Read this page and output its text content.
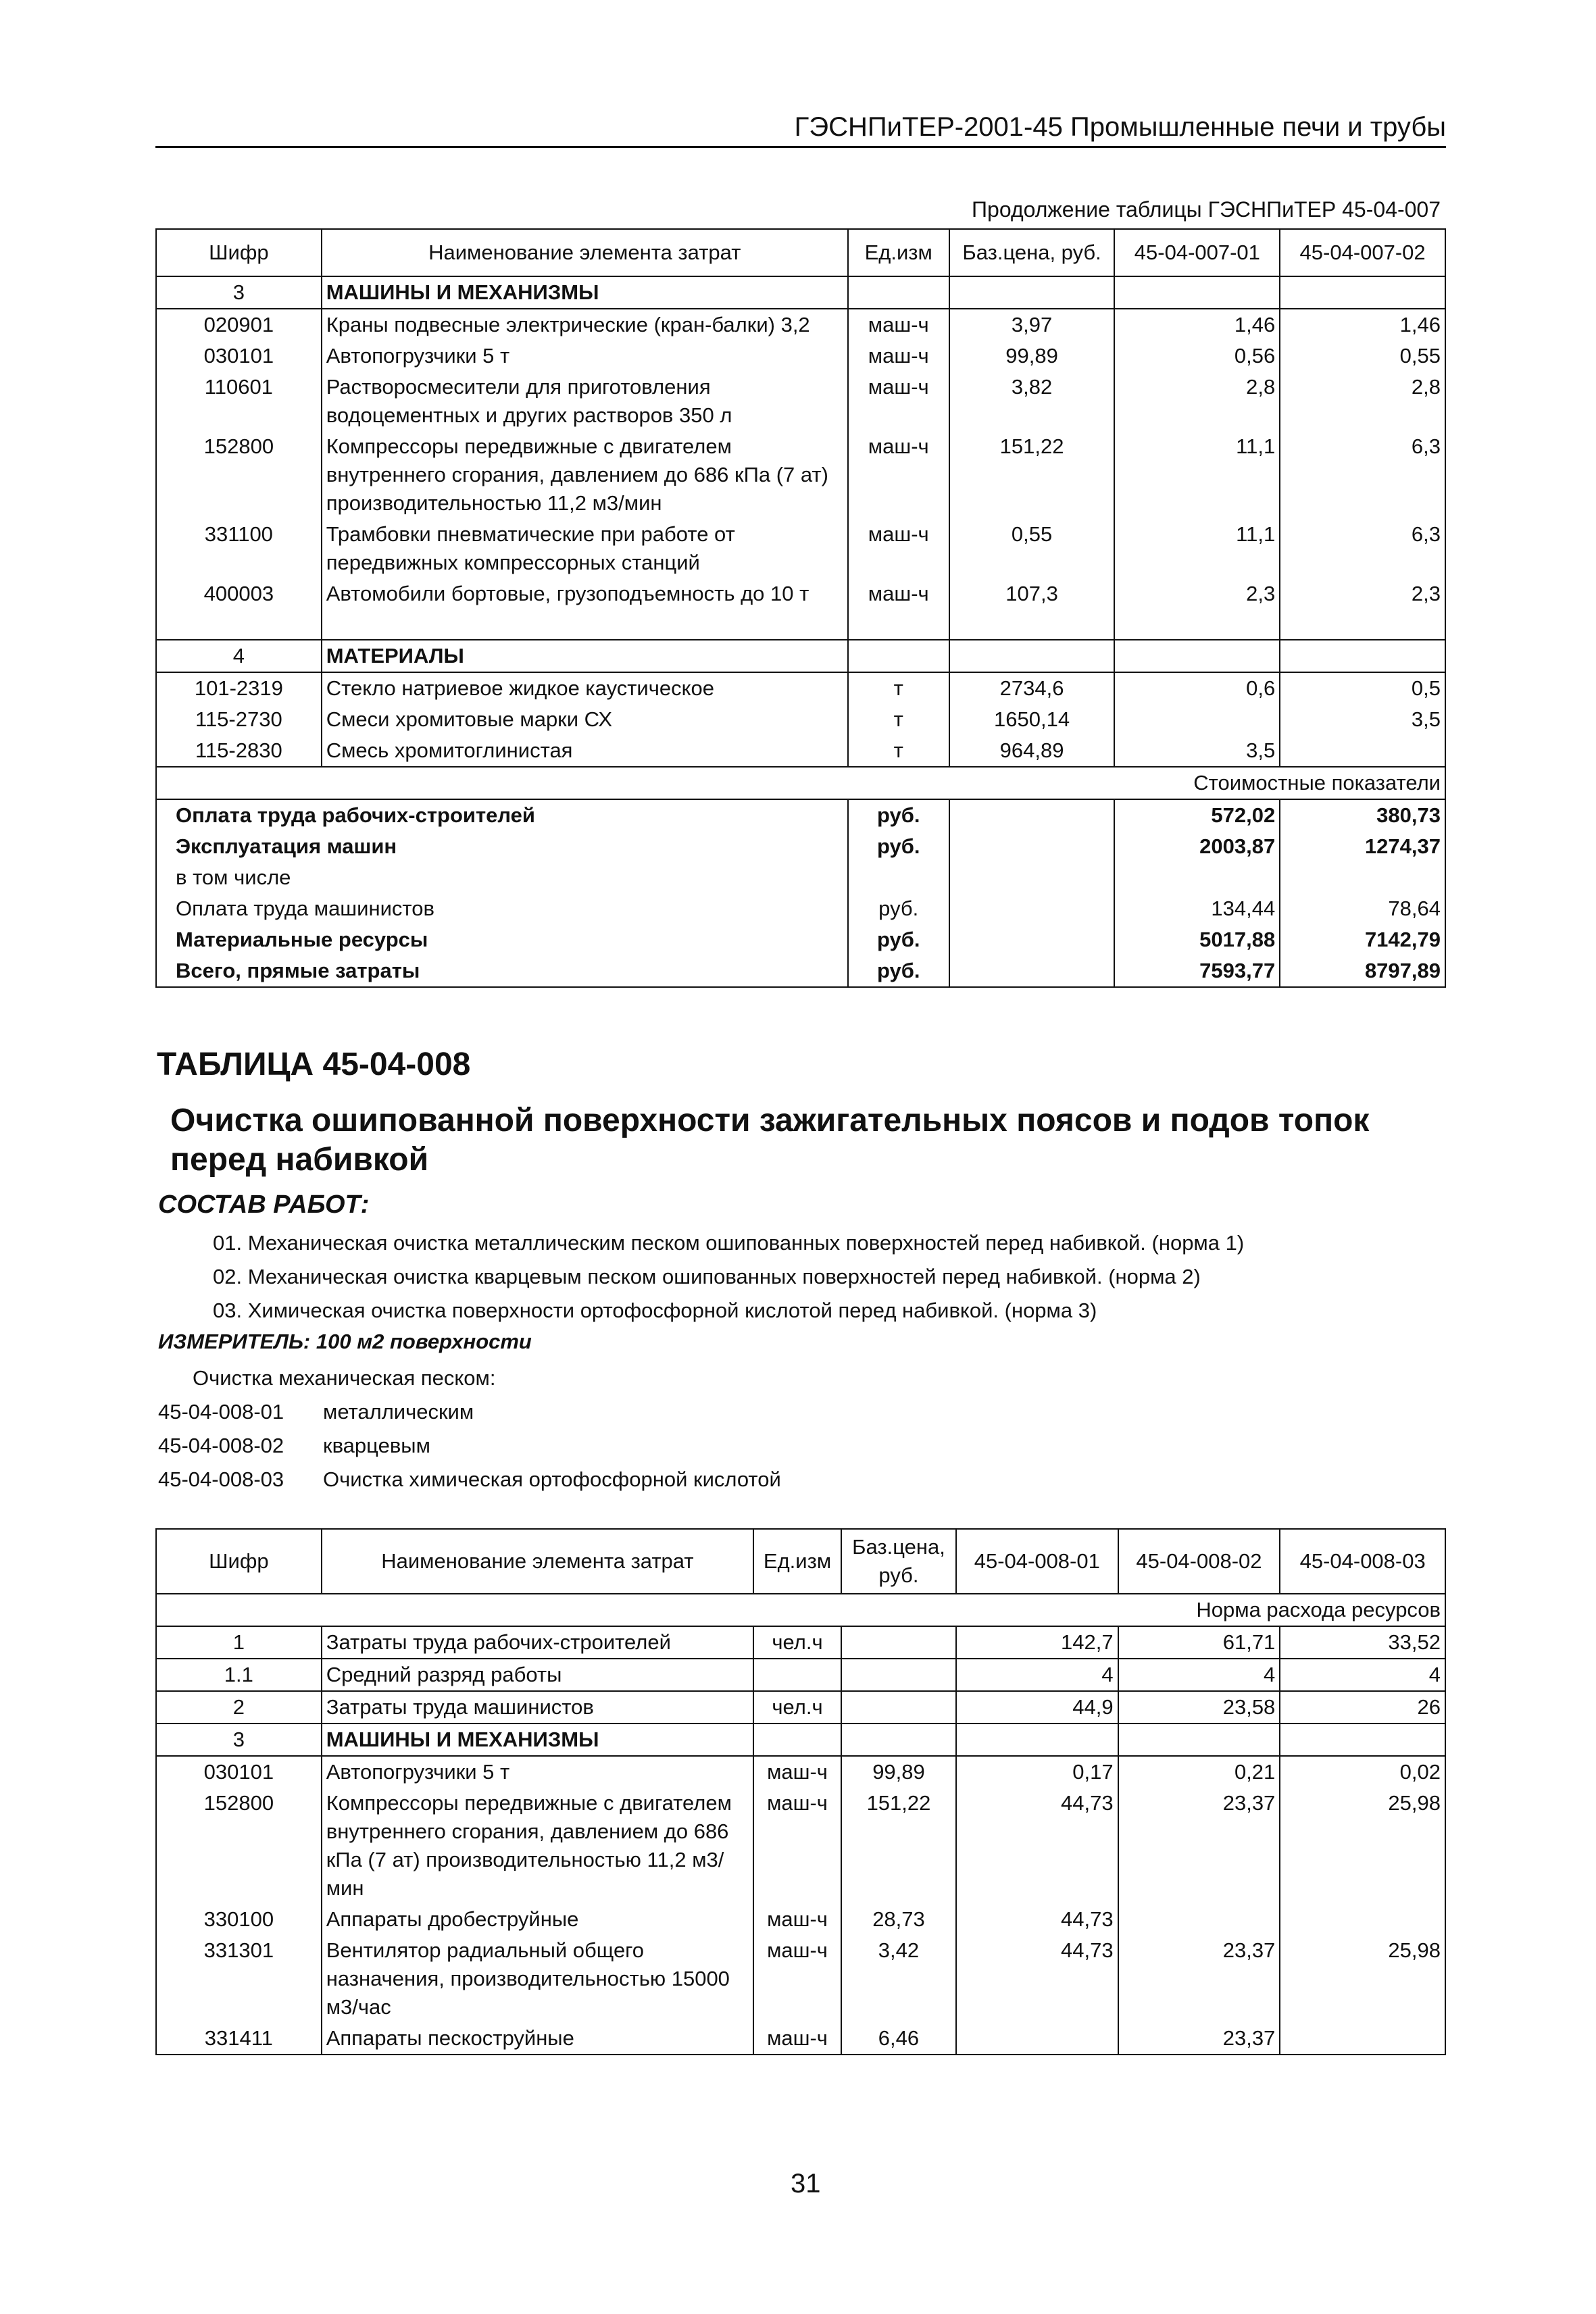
ГЭСНПиТЕР-2001-45 Промышленные печи и трубы
Продолжение таблицы ГЭСНПиТЕР 45-04-007
Шифр	Наименование элемента затрат	Ед.изм	Баз.цена, руб.	45-04-007-01	45-04-007-02
3	МАШИНЫ И МЕХАНИЗМЫ				
020901	Краны подвесные электрические (кран-балки) 3,2	маш-ч	3,97	1,46	1,46
030101	Автопогрузчики 5 т	маш-ч	99,89	0,56	0,55
110601	Растворосмесители для приготовления водоцементных и других растворов 350 л	маш-ч	3,82	2,8	2,8
152800	Компрессоры передвижные с двигателем внутреннего сгорания, давлением до 686 кПа (7 ат) производительностью 11,2 м3/мин	маш-ч	151,22	11,1	6,3
331100	Трамбовки пневматические при работе от передвижных компрессорных станций	маш-ч	0,55	11,1	6,3
400003	Автомобили бортовые, грузоподъемность до 10 т	маш-ч	107,3	2,3	2,3

4	МАТЕРИАЛЫ				
101-2319	Стекло натриевое жидкое каустическое	т	2734,6	0,6	0,5
115-2730	Смеси хромитовые марки СХ	т	1650,14		3,5
115-2830	Смесь хромитоглинистая	т	964,89	3,5	
Стоимостные показатели					
Оплата труда рабочих-строителей		руб.		572,02	380,73
Эксплуатация машин		руб.		2003,87	1274,37
в том числе					
Оплата труда машинистов		руб.		134,44	78,64
Материальные ресурсы		руб.		5017,88	7142,79
Всего, прямые затраты		руб.		7593,77	8797,89
ТАБЛИЦА 45-04-008
Очистка ошипованной поверхности зажигательных поясов и подов топок перед набивкой
СОСТАВ РАБОТ:
01. Механическая очистка металлическим песком ошипованных поверхностей перед набивкой. (норма 1)
02. Механическая очистка кварцевым песком ошипованных поверхностей перед набивкой. (норма 2)
03. Химическая очистка поверхности ортофосфорной кислотой перед набивкой. (норма 3)
ИЗМЕРИТЕЛЬ: 100 м2 поверхности
Очистка механическая песком:
45-04-008-01 металлическим
45-04-008-02 кварцевым
45-04-008-03 Очистка химическая ортофосфорной кислотой
Шифр	Наименование элемента затрат	Ед.изм	Баз.цена, руб.	45-04-008-01	45-04-008-02	45-04-008-03
Норма расхода ресурсов						
1	Затраты труда рабочих-строителей	чел.ч		142,7	61,71	33,52
1.1	Средний разряд работы			4	4	4
2	Затраты труда машинистов	чел.ч		44,9	23,58	26
3	МАШИНЫ И МЕХАНИЗМЫ					
030101	Автопогрузчики 5 т	маш-ч	99,89	0,17	0,21	0,02
152800	Компрессоры передвижные с двигателем внутреннего сгорания, давлением до 686 кПа (7 ат) производительностью 11,2 м3/мин	маш-ч	151,22	44,73	23,37	25,98
330100	Аппараты дробеструйные	маш-ч	28,73	44,73		
331301	Вентилятор радиальный общего назначения, производительностью 15000 м3/час	маш-ч	3,42	44,73	23,37	25,98
331411	Аппараты пескоструйные	маш-ч	6,46		23,37	
31
